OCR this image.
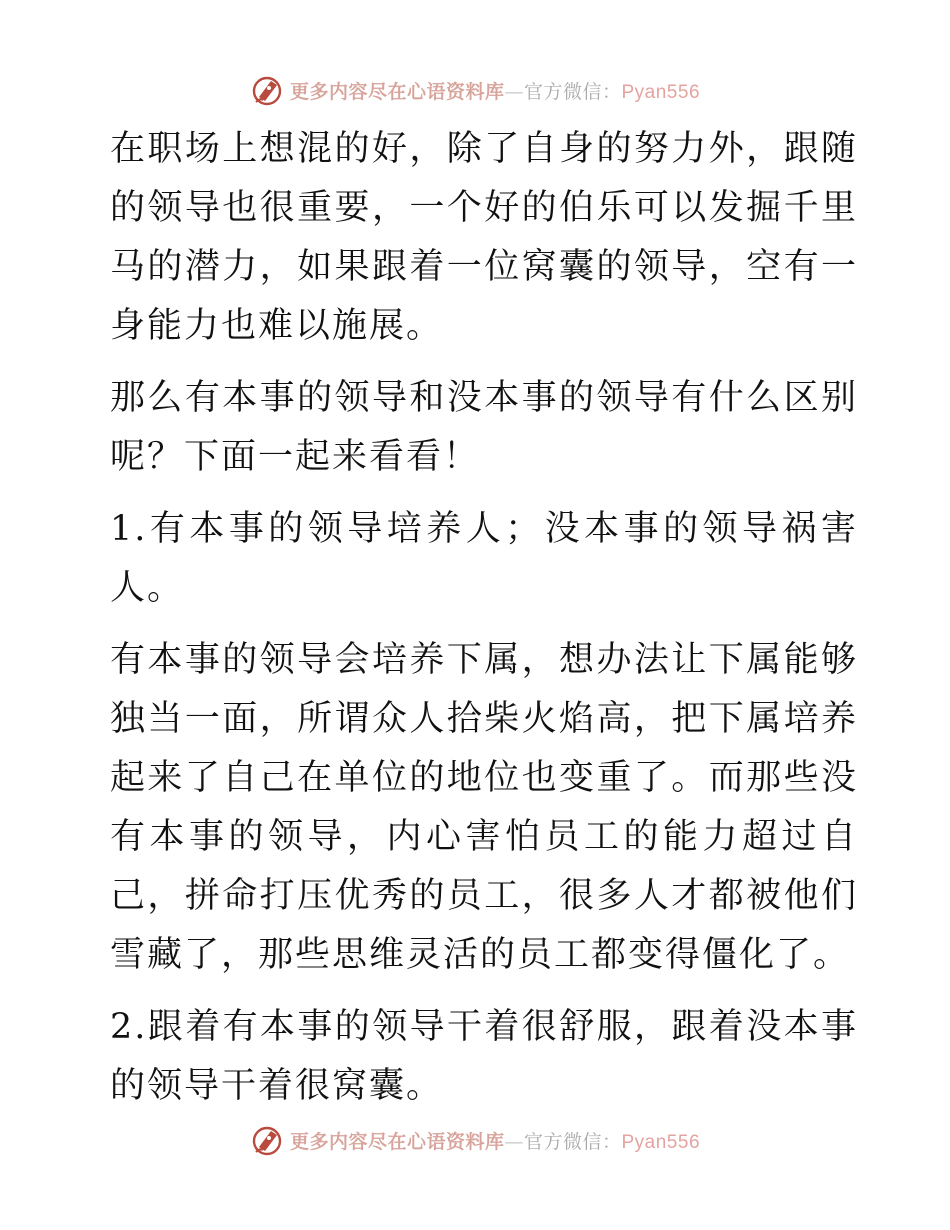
更多内容尽在心语资料库—官方微信：Pyan556

在职场上想混的好，除了自身的努力外，跟随的领导也很重要，一个好的伯乐可以发掘千里马的潜力，如果跟着一位窝囊的领导，空有一身能力也难以施展。

那么有本事的领导和没本事的领导有什么区别呢？下面一起来看看！

1.有本事的领导培养人；没本事的领导祸害人。

有本事的领导会培养下属，想办法让下属能够独当一面，所谓众人拾柴火焰高，把下属培养起来了自己在单位的地位也变重了。而那些没有本事的领导，内心害怕员工的能力超过自己，拼命打压优秀的员工，很多人才都被他们雪藏了，那些思维灵活的员工都变得僵化了。

2.跟着有本事的领导干着很舒服，跟着没本事的领导干着很窝囊。

更多内容尽在心语资料库—官方微信：Pyan556
